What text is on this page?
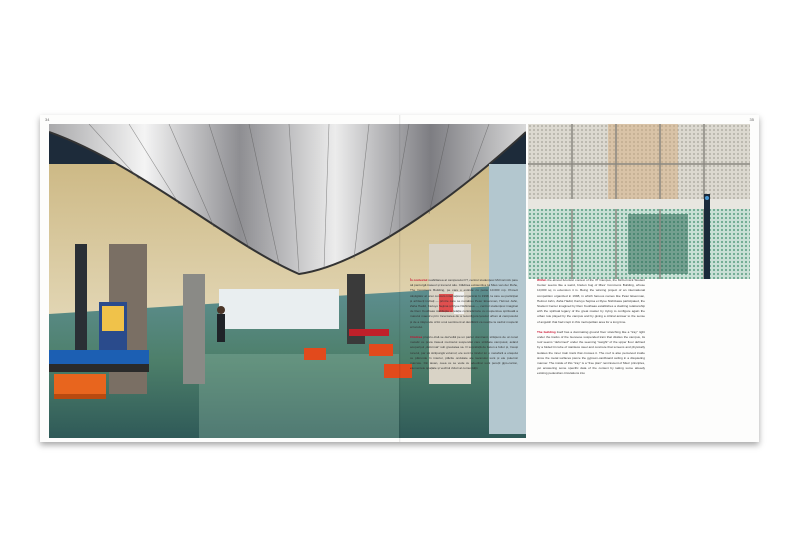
34	35

În contextul reabilitarea al campusului IIT, centrul studențesc McCormick pare să parcurgă traseul și trenerul său. Clădirea existentă a lui Mies van der Rohe, The Commons Building, pe care o extinde cu peste 10.000 mp. Proiect câștigător al unui concurs internațional organizat în 1998, la care au participat și arhitecți invitați — printre care se numărau Peter Eisenman, Helmut Jahn, Zaha Hadid, Kazuyo Sejima și Ryue Nishizawa —, centrul studențesc imaginat de Rem Koolhaas stabilește o relație contradictorie cu moștenirea spirituală a marelui maestru prin încercarea de a reconfigura țesutul urban al campusului și de a răspunde critic unui sentiment al desfătării ca reacție la cadrul moștenit al locului.

Clădirea propriu-zisă se dezvoltă pe un parter dominant, străpuns de un tunel metalic ce preia traseul metroului suspendat care străbate campusul, având acoperișul „deformat” sub greutatea sa. O suprafață de beton a foilor și, însuși tunelul, par să străpungă volumul; ele sunt la rândul lor o metaforă a orașului ce pătrunde în interior, plăcile ondulate ale tavanului sunt și ele puternic marcate. Din tavan, ceea ce se vede cu adevărat sunt pereții gips-carton, elementele spațiale și vechiul ziduri al comunității.

Within the almost futuristic context of the IIT Campus, the McCormick Student Center seems like a weird, brazen bug of Mies' Commons Building, whose 10,000 sq m extension it is. Being the winning project of an international competition organized in 1998, in which famous names like Peter Eisenman, Helmut Jahn, Zaha Hadid, Kazuyo Sejima et Ryue Nishizawa participated, the Student Center imagined by Rem Koolhaas establishes a clashing relationship with the spiritual legacy of the great master by trying to configure again the urban role played by the campus and by giving a critical answer to the sense of anguish that had crept in this metropolitan area for a long time.

The building itself has a dominating ground floor stretching like a "tray" right under the tracks of the Genoese suspended train that divides the campus, its roof seems "deformed" under the seeming "weight" of the upper floor defined by a folded tin tube of stainless steel and concrete that screens and physically isolates the inner train track that crosses it. The roof is also perceived inside since the metal surfaces pierce the gypsum-cardboard ceiling in a disquieting manner. The inside of this "tray" is a "free plan" reminiscent of Mies' principles, yet answering some specific data of the context by taking some already existing pedestrian circulations into
